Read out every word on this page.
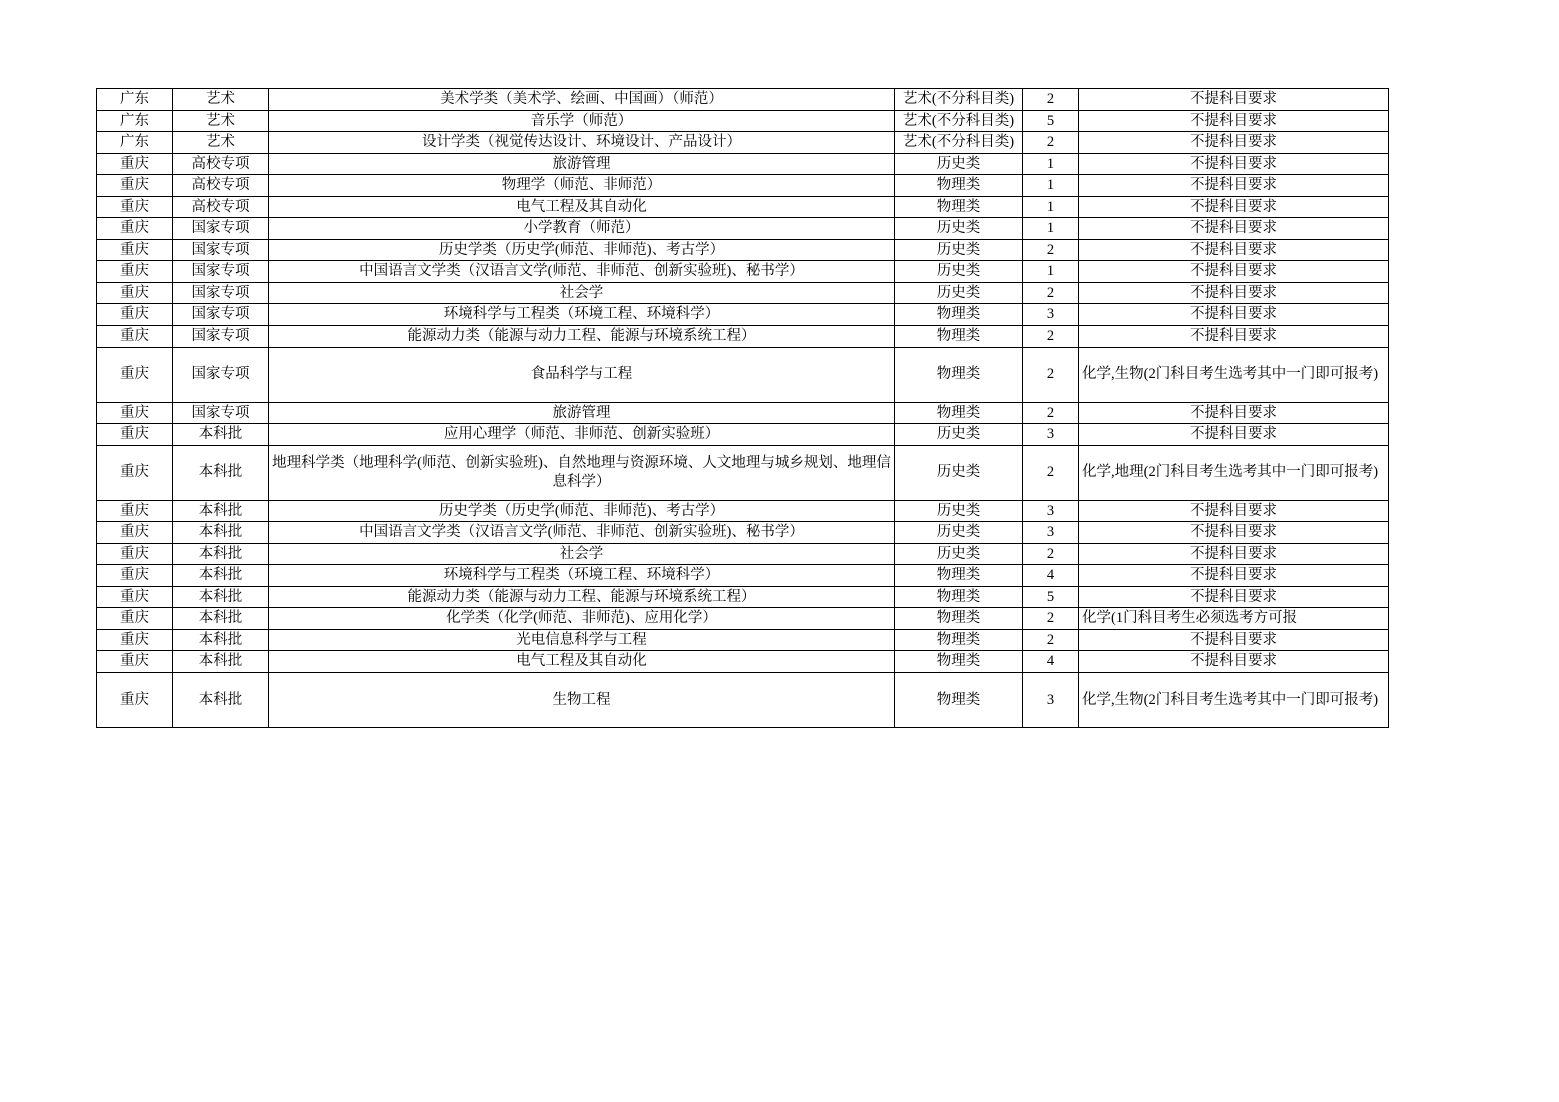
广东	艺术	美术学类（美术学、绘画、中国画）（师范）	艺术(不分科目类)	2	不提科目要求
广东	艺术	音乐学（师范）	艺术(不分科目类)	5	不提科目要求
广东	艺术	设计学类（视觉传达设计、环境设计、产品设计）	艺术(不分科目类)	2	不提科目要求
重庆	高校专项	旅游管理	历史类	1	不提科目要求
重庆	高校专项	物理学（师范、非师范）	物理类	1	不提科目要求
重庆	高校专项	电气工程及其自动化	物理类	1	不提科目要求
重庆	国家专项	小学教育（师范）	历史类	1	不提科目要求
重庆	国家专项	历史学类（历史学(师范、非师范)、考古学）	历史类	2	不提科目要求
重庆	国家专项	中国语言文学类（汉语言文学(师范、非师范、创新实验班)、秘书学）	历史类	1	不提科目要求
重庆	国家专项	社会学	历史类	2	不提科目要求
重庆	国家专项	环境科学与工程类（环境工程、环境科学）	物理类	3	不提科目要求
重庆	国家专项	能源动力类（能源与动力工程、能源与环境系统工程）	物理类	2	不提科目要求
重庆	国家专项	食品科学与工程	物理类	2	化学,生物(2门科目考生选考其中一门即可报考)
重庆	国家专项	旅游管理	物理类	2	不提科目要求
重庆	本科批	应用心理学（师范、非师范、创新实验班）	历史类	3	不提科目要求
重庆	本科批	地理科学类（地理科学(师范、创新实验班)、自然地理与资源环境、人文地理与城乡规划、地理信息科学）	历史类	2	化学,地理(2门科目考生选考其中一门即可报考)
重庆	本科批	历史学类（历史学(师范、非师范)、考古学）	历史类	3	不提科目要求
重庆	本科批	中国语言文学类（汉语言文学(师范、非师范、创新实验班)、秘书学）	历史类	3	不提科目要求
重庆	本科批	社会学	历史类	2	不提科目要求
重庆	本科批	环境科学与工程类（环境工程、环境科学）	物理类	4	不提科目要求
重庆	本科批	能源动力类（能源与动力工程、能源与环境系统工程）	物理类	5	不提科目要求
重庆	本科批	化学类（化学(师范、非师范)、应用化学）	物理类	2	化学(1门科目考生必须选考方可报
重庆	本科批	光电信息科学与工程	物理类	2	不提科目要求
重庆	本科批	电气工程及其自动化	物理类	4	不提科目要求
重庆	本科批	生物工程	物理类	3	化学,生物(2门科目考生选考其中一门即可报考)
